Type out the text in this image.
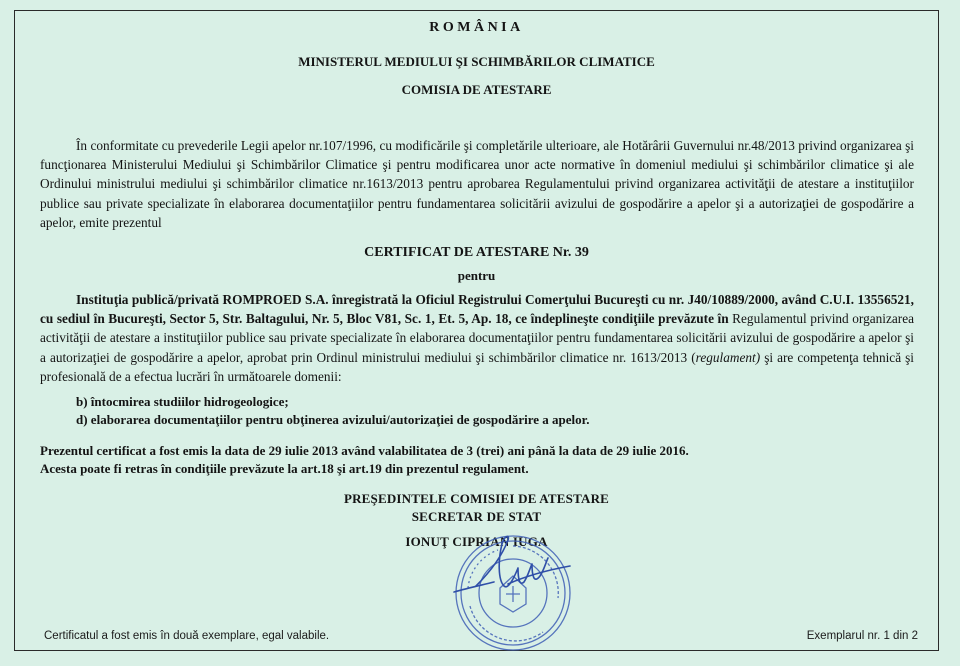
ROMÂNIA
MINISTERUL MEDIULUI ŞI SCHIMBĂRILOR CLIMATICE
COMISIA DE ATESTARE

În conformitate cu prevederile Legii apelor nr.107/1996, cu modificările şi completările ulterioare, ale Hotărârii Guvernului nr.48/2013 privind organizarea şi funcţionarea Ministerului Mediului şi Schimbărilor Climatice şi pentru modificarea unor acte normative în domeniul mediului şi schimbărilor climatice şi ale Ordinului ministrului mediului şi schimbărilor climatice nr.1613/2013 pentru aprobarea Regulamentului privind organizarea activităţii de atestare a instituţiilor publice sau private specializate în elaborarea documentaţiilor pentru fundamentarea solicitării avizului de gospodărire a apelor şi a autorizaţiei de gospodărire a apelor, emite prezentul

CERTIFICAT DE ATESTARE Nr. 39
pentru

Instituţia publică/privată ROMPROED S.A. înregistrată la Oficiul Registrului Comerţului Bucureşti cu nr. J40/10889/2000, având C.U.I. 13556521, cu sediul în Bucureşti, Sector 5, Str. Baltagului, Nr. 5, Bloc V81, Sc. 1, Et. 5, Ap. 18, ce îndeplineşte condiţiile prevăzute în Regulamentul privind organizarea activităţii de atestare a instituţiilor publice sau private specializate în elaborarea documentaţiilor pentru fundamentarea solicitării avizului de gospodărire a apelor şi a autorizaţiei de gospodărire a apelor, aprobat prin Ordinul ministrului mediului şi schimbărilor climatice nr. 1613/2013 (regulament) şi are competenţa tehnică şi profesională de a efectua lucrări în următoarele domenii:

b) întocmirea studiilor hidrogeologice;
d) elaborarea documentaţiilor pentru obţinerea avizului/autorizaţiei de gospodărire a apelor.
Prezentul certificat a fost emis la data de 29 iulie 2013 având valabilitatea de 3 (trei) ani până la data de 29 iulie 2016.
Acesta poate fi retras în condiţiile prevăzute la art.18 şi art.19 din prezentul regulament.
PREŞEDINTELE COMISIEI DE ATESTARE
SECRETAR DE STAT
IONUŢ CIPRIAN IUGA
Certificatul a fost emis în două exemplare, egal valabile.	Exemplarul nr. 1 din 2
